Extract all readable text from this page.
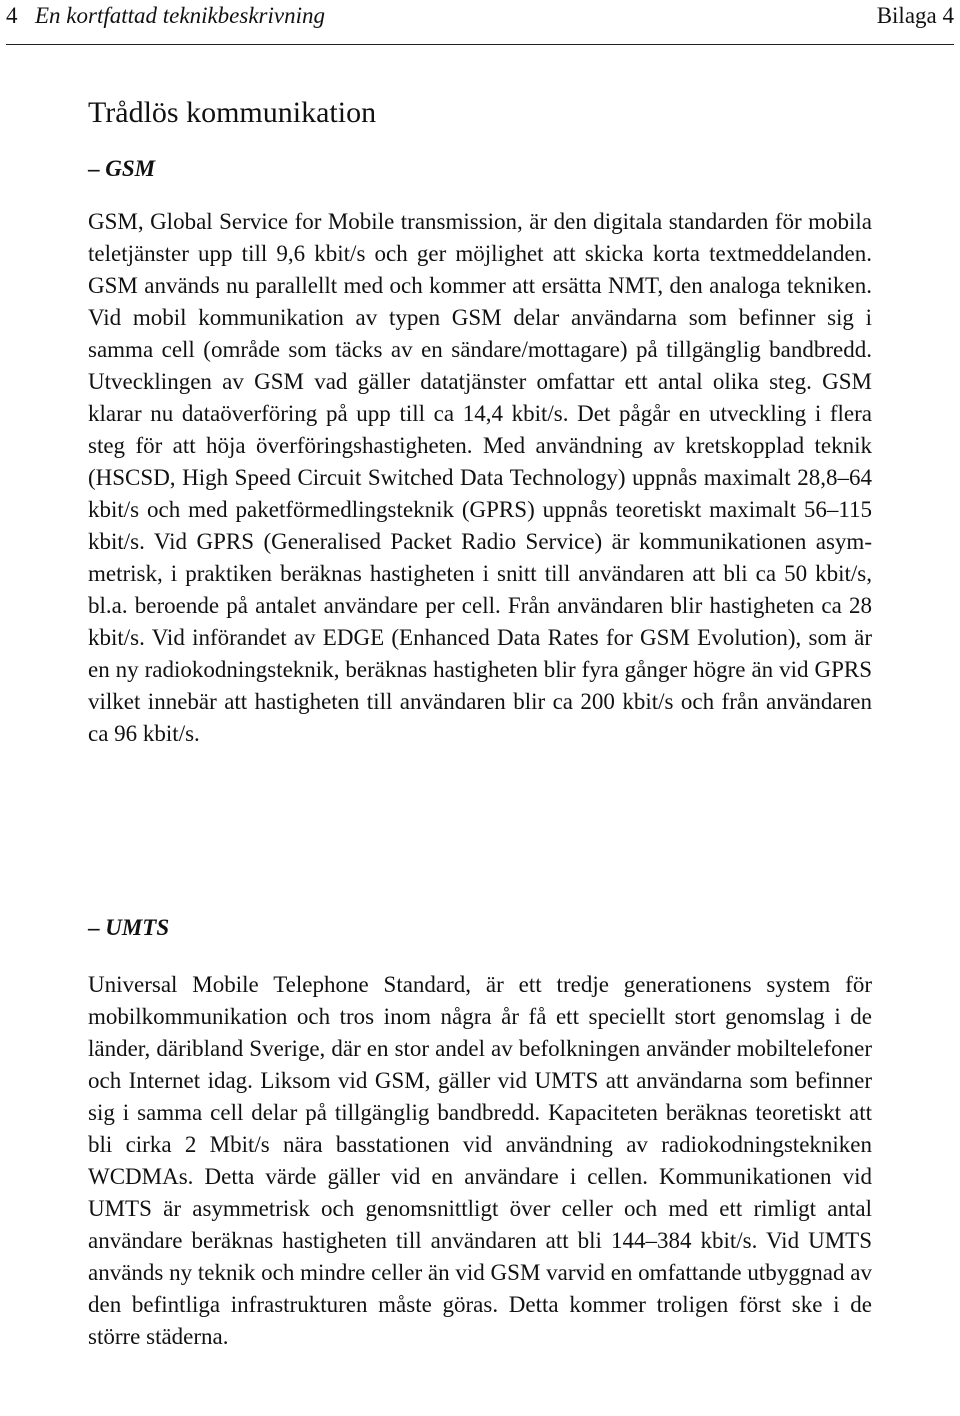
4 En kortfattad teknikbeskrivning	Bilaga 4
Trådlös kommunikation
– GSM

GSM, Global Service for Mobile transmission, är den digitala standarden för mobila teletjänster upp till 9,6 kbit/s och ger möjlighet att skicka korta textmeddelanden. GSM används nu parallellt med och kommer att ersätta NMT, den analoga tekniken. Vid mobil kommunikation av typen GSM delar användarna som befinner sig i samma cell (område som täcks av en sändare/mottagare) på tillgänglig bandbredd. Utvecklingen av GSM vad gäller datatjänster omfattar ett antal olika steg. GSM klarar nu dataöverföring på upp till ca 14,4 kbit/s. Det pågår en utveckling i flera steg för att höja överföringshastigheten. Med användning av kretskopplad teknik (HSCSD, High Speed Circuit Switched Data Technology) uppnås maximalt 28,8–64 kbit/s och med paketförmedlingsteknik (GPRS) uppnås teoretiskt maximalt 56–115 kbit/s. Vid GPRS (Generalised Packet Radio Service) är kommunikationen asymmetrisk, i praktiken beräknas hastigheten i snitt till användaren att bli ca 50 kbit/s, bl.a. beroende på antalet användare per cell. Från användaren blir hastigheten ca 28 kbit/s. Vid införandet av EDGE (Enhanced Data Rates for GSM Evolution), som är en ny radiokodningsteknik, beräknas hastigheten blir fyra gånger högre än vid GPRS vilket innebär att hastigheten till användaren blir ca 200 kbit/s och från användaren ca 96 kbit/s.

– UMTS

Universal Mobile Telephone Standard, är ett tredje generationens system för mobilkommunikation och tros inom några år få ett speciellt stort genomslag i de länder, däribland Sverige, där en stor andel av befolkningen använder mobiltelefoner och Internet idag. Liksom vid GSM, gäller vid UMTS att användarna som befinner sig i samma cell delar på tillgänglig bandbredd. Kapaciteten beräknas teoretiskt att bli cirka 2 Mbit/s nära basstationen vid användning av radiokodningstekniken WCDMAs. Detta värde gäller vid en användare i cellen. Kommunikationen vid UMTS är asymmetrisk och genomsnittligt över celler och med ett rimligt antal användare beräknas hastigheten till användaren att bli 144–384 kbit/s. Vid UMTS används ny teknik och mindre celler än vid GSM varvid en omfattande utbyggnad av den befintliga infrastrukturen måste göras. Detta kommer troligen först ske i de större städerna.
